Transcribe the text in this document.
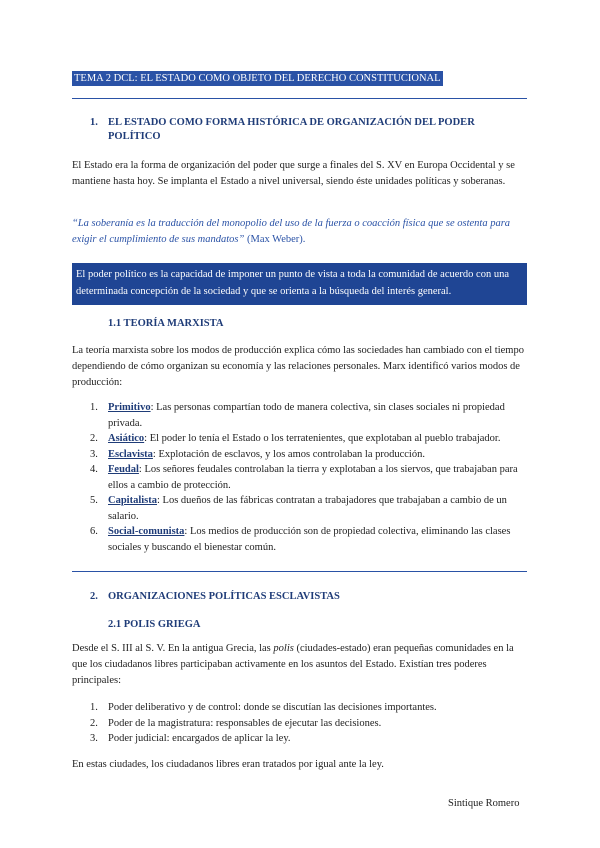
TEMA 2 DCL: EL ESTADO COMO OBJETO DEL DERECHO CONSTITUCIONAL
1. EL ESTADO COMO FORMA HISTÓRICA DE ORGANIZACIÓN DEL PODER POLÍTICO
El Estado era la forma de organización del poder que surge a finales del S. XV en Europa Occidental y se mantiene hasta hoy. Se implanta el Estado a nivel universal, siendo éste unidades políticas y soberanas.
“La soberanía es la traducción del monopolio del uso de la fuerza o coacción física que se ostenta para exigir el cumplimiento de sus mandatos” (Max Weber).
El poder político es la capacidad de imponer un punto de vista a toda la comunidad de acuerdo con una determinada concepción de la sociedad y que se orienta a la búsqueda del interés general.
1.1 TEORÍA MARXISTA
La teoría marxista sobre los modos de producción explica cómo las sociedades han cambiado con el tiempo dependiendo de cómo organizan su economía y las relaciones personales. Marx identificó varios modos de producción:
1. Primitivo: Las personas compartían todo de manera colectiva, sin clases sociales ni propiedad privada.
2. Asiático: El poder lo tenía el Estado o los terratenientes, que explotaban al pueblo trabajador.
3. Esclavista: Explotación de esclavos, y los amos controlaban la producción.
4. Feudal: Los señores feudales controlaban la tierra y explotaban a los siervos, que trabajaban para ellos a cambio de protección.
5. Capitalista: Los dueños de las fábricas contratan a trabajadores que trabajaban a cambio de un salario.
6. Social-comunista: Los medios de producción son de propiedad colectiva, eliminando las clases sociales y buscando el bienestar común.
2. ORGANIZACIONES POLÍTICAS ESCLAVISTAS
2.1 POLIS GRIEGA
Desde el S. III al S. V. En la antigua Grecia, las polis (ciudades-estado) eran pequeñas comunidades en la que los ciudadanos libres participaban activamente en los asuntos del Estado. Existían tres poderes principales:
1. Poder deliberativo y de control: donde se discutían las decisiones importantes.
2. Poder de la magistratura: responsables de ejecutar las decisiones.
3. Poder judicial: encargados de aplicar la ley.
En estas ciudades, los ciudadanos libres eran tratados por igual ante la ley.
Sintique Romero
